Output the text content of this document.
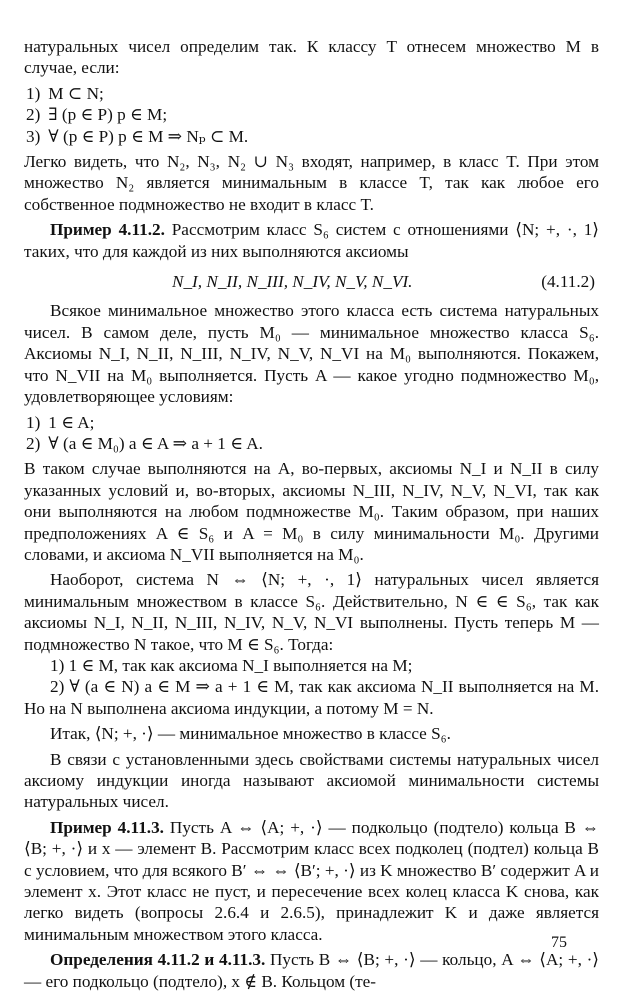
натуральных чисел определим так. К классу T отнесем множество M в случае, если:

1) M ⊂ N;
2) ∃ (p ∈ P) p ∈ M;
3) ∀ (p ∈ P) p ∈ M ⇒ Nₚ ⊂ M.

Легко видеть, что N₂, N₃, N₂ ∪ N₃ входят, например, в класс T. При этом множество N₂ является минимальным в классе T, так как любое его собственное подмножество не входит в класс T.

Пример 4.11.2. Рассмотрим класс S₆ систем с отношениями ⟨N; +, ·, 1⟩ таких, что для каждой из них выполняются аксиомы

N_I, N_II, N_III, N_IV, N_V, N_VI.	(4.11.2)

Всякое минимальное множество этого класса есть система натуральных чисел. В самом деле, пусть M₀ — минимальное множество класса S₆. Аксиомы N_I, N_II, N_III, N_IV, N_V, N_VI на M₀ выполняются. Покажем, что N_VII на M₀ выполняется. Пусть A — какое угодно подмножество M₀, удовлетворяющее условиям:

1) 1 ∈ A;
2) ∀ (a ∈ M₀) a ∈ A ⇒ a + 1 ∈ A.

В таком случае выполняются на A, во-первых, аксиомы N_I и N_II в силу указанных условий и, во-вторых, аксиомы N_III, N_IV, N_V, N_VI, так как они выполняются на любом подмножестве M₀. Таким образом, при наших предположениях A ∈ S₆ и A = M₀ в силу минимальности M₀. Другими словами, и аксиома N_VII выполняется на M₀.

Наоборот, система N ⇔ ⟨N; +, ·, 1⟩ натуральных чисел является минимальным множеством в классе S₆. Действительно, N ∈ ∈ S₆, так как аксиомы N_I, N_II, N_III, N_IV, N_V, N_VI выполнены. Пусть теперь M — подмножество N такое, что M ∈ S₆. Тогда:

1) 1 ∈ M, так как аксиома N_I выполняется на M;

2) ∀ (a ∈ N) a ∈ M ⇒ a + 1 ∈ M, так как аксиома N_II выполняется на M. Но на N выполнена аксиома индукции, а потому M = N.

Итак, ⟨N; +, ·⟩ — минимальное множество в классе S₆.

В связи с установленными здесь свойствами системы натуральных чисел аксиому индукции иногда называют аксиомой минимальности системы натуральных чисел.

Пример 4.11.3. Пусть A ⇔ ⟨A; +, ·⟩ — подкольцо (подтело) кольца B ⇔ ⟨B; +, ·⟩ и x — элемент B. Рассмотрим класс всех подколец (подтел) кольца B с условием, что для всякого B′ ⇔ ⇔ ⟨B′; +, ·⟩ из K множество B′ содержит A и элемент x. Этот класс не пуст, и пересечение всех колец класса K снова, как легко видеть (вопросы 2.6.4 и 2.6.5), принадлежит K и даже является минимальным множеством этого класса.

Определения 4.11.2 и 4.11.3. Пусть B ⇔ ⟨B; +, ·⟩ — кольцо, A ⇔ ⟨A; +, ·⟩ — его подкольцо (подтело), x ∉ B. Кольцом (те-

75
